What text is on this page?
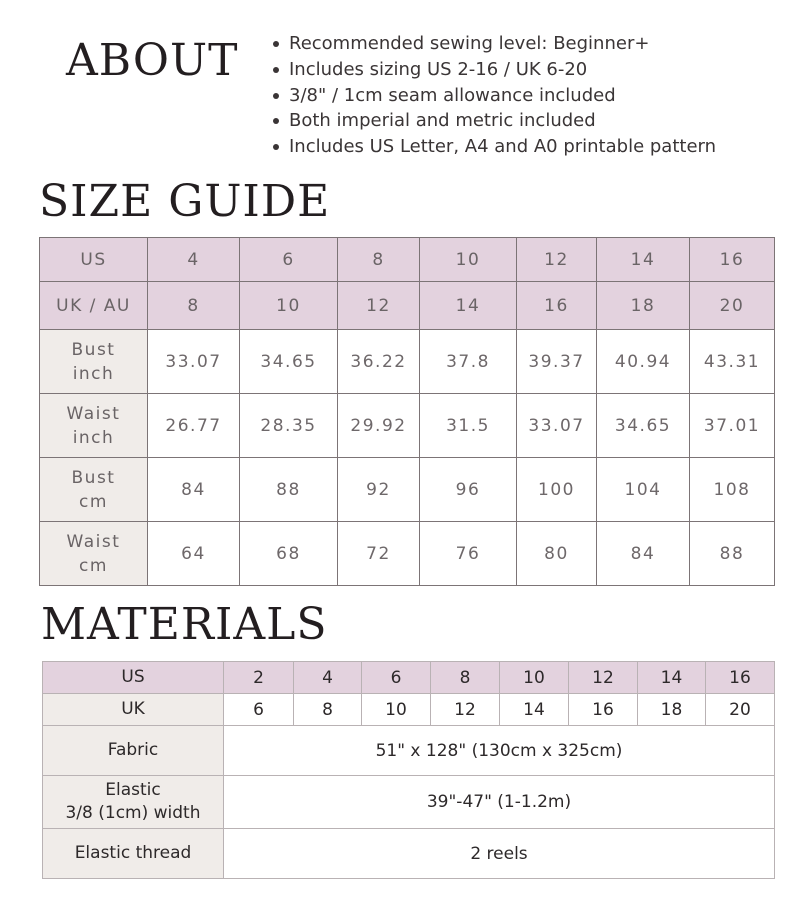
ABOUT	Recommended sewing level: Beginner+
Includes sizing US 2-16 / UK 6-20
3/8" / 1cm seam allowance included
Both imperial and metric included
Includes US Letter, A4 and A0 printable pattern
SIZE GUIDE
US	4	6	8	10	12	14	16
UK / AU	8	10	12	14	16	18	20

Bust
inch	33.07	34.65	36.22	37.8	39.37	40.94	43.31

Waist
inch	26.77	28.35	29.92	31.5	33.07	34.65	37.01

Bust
cm	84	88	92	96	100	104	108

Waist
cm	64	68	72	76	80	84	88
MATERIALS
US	2	4	6	8	10	12	14	16
UK	6	8	10	12	14	16	18	20
Fabric	51" x 128" (130cm x 325cm)							

Elastic
3/8 (1cm) width	39"-47" (1-1.2m)							
Elastic thread	2 reels							
